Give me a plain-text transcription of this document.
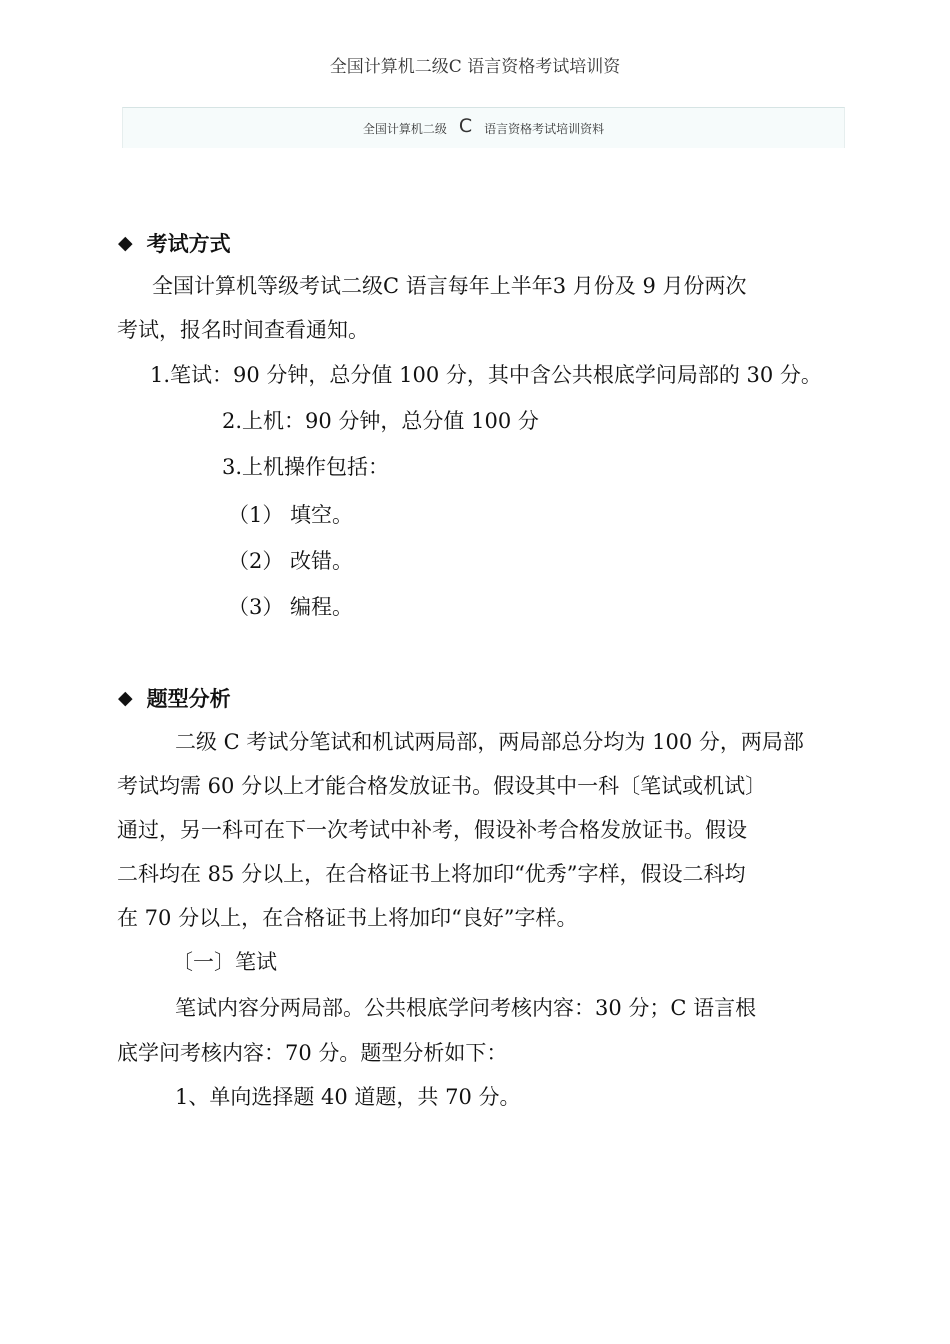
全国计算机二级C 语言资格考试培训资
全国计算机二级 C 语言资格考试培训资料
◆ 考试方式
全国计算机等级考试二级C 语言每年上半年3 月份及 9 月份两次
考试，报名时间查看通知。
1.笔试：90 分钟，总分值 100 分，其中含公共根底学问局部的 30 分。
2.上机：90 分钟，总分值 100 分
3.上机操作包括：
（1） 填空。
（2） 改错。
（3） 编程。
◆ 题型分析
二级 C 考试分笔试和机试两局部，两局部总分均为 100 分，两局部
考试均需 60 分以上才能合格发放证书。假设其中一科〔笔试或机试〕
通过，另一科可在下一次考试中补考，假设补考合格发放证书。假设
二科均在 85 分以上，在合格证书上将加印“优秀”字样，假设二科均
在 70 分以上，在合格证书上将加印“良好”字样。
〔一〕笔试
笔试内容分两局部。公共根底学问考核内容：30 分；C 语言根
底学问考核内容：70 分。题型分析如下：
1、单向选择题 40 道题，共 70 分。
